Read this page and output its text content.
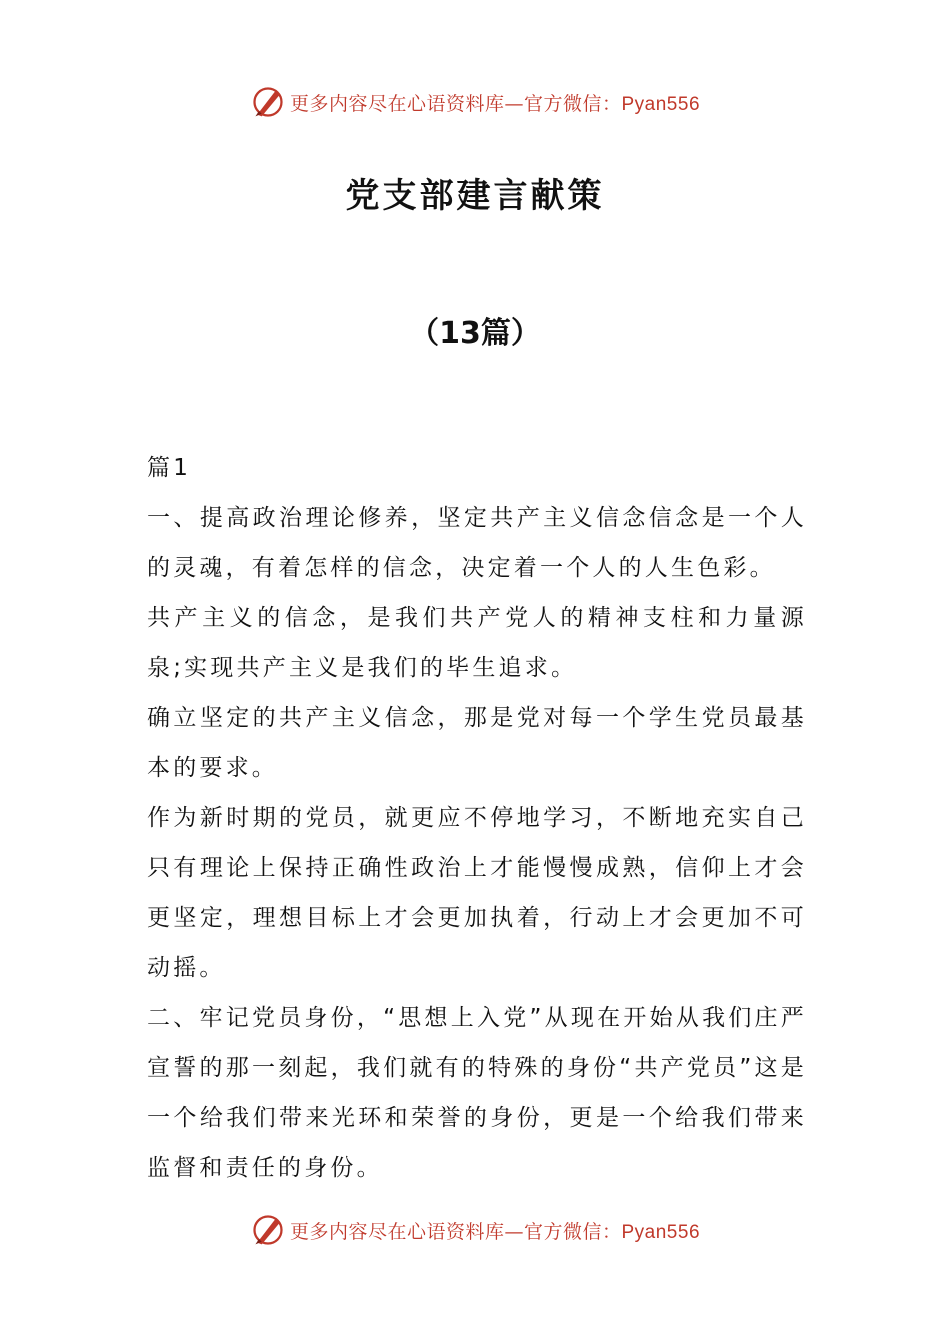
更多内容尽在心语资料库—官方微信：Pyan556
党支部建言献策
（13篇）

篇1

一、提高政治理论修养，坚定共产主义信念信念是一个人的灵魂，有着怎样的信念，决定着一个人的人生色彩。

共产主义的信念，是我们共产党人的精神支柱和力量源泉;实现共产主义是我们的毕生追求。

确立坚定的共产主义信念，那是党对每一个学生党员最基本的要求。

作为新时期的党员，就更应不停地学习，不断地充实自己只有理论上保持正确性政治上才能慢慢成熟，信仰上才会更坚定，理想目标上才会更加执着，行动上才会更加不可动摇。

二、牢记党员身份，“思想上入党”从现在开始从我们庄严宣誓的那一刻起，我们就有的特殊的身份“共产党员”这是一个给我们带来光环和荣誉的身份，更是一个给我们带来监督和责任的身份。

更多内容尽在心语资料库—官方微信：Pyan556
